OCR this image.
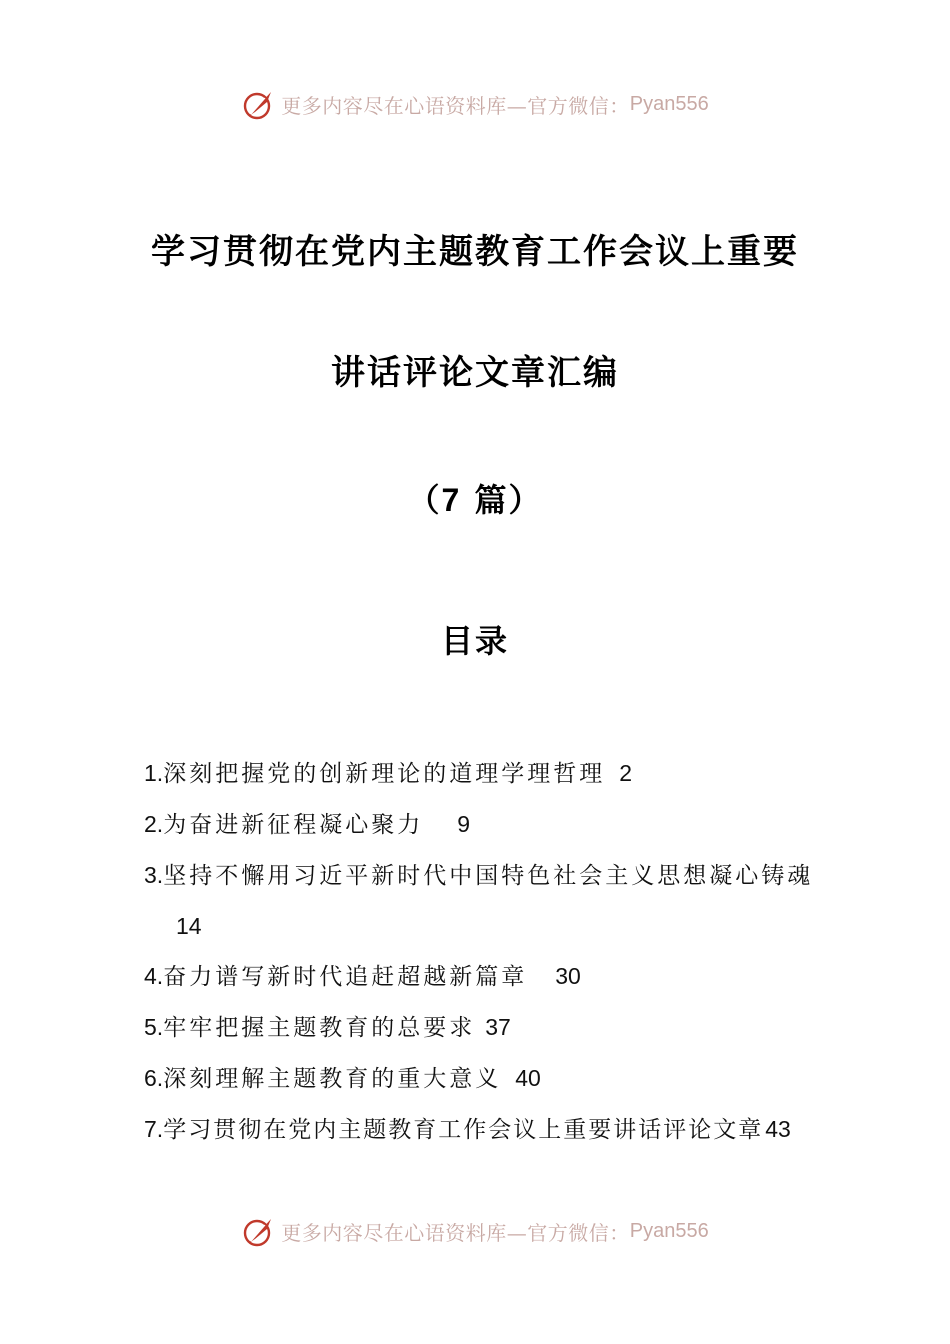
更多内容尽在心语资料库—官方微信： Pyan556
学习贯彻在党内主题教育工作会议上重要
讲话评论文章汇编
（7 篇）
目录
1.深刻把握党的创新理论的道理学理哲理 2
2.为奋进新征程凝心聚力 9
3.坚持不懈用习近平新时代中国特色社会主义思想凝心铸魂
14
4.奋力谱写新时代追赶超越新篇章 30
5.牢牢把握主题教育的总要求 37
6.深刻理解主题教育的重大意义 40
7.学习贯彻在党内主题教育工作会议上重要讲话评论文章43
更多内容尽在心语资料库—官方微信： Pyan556
